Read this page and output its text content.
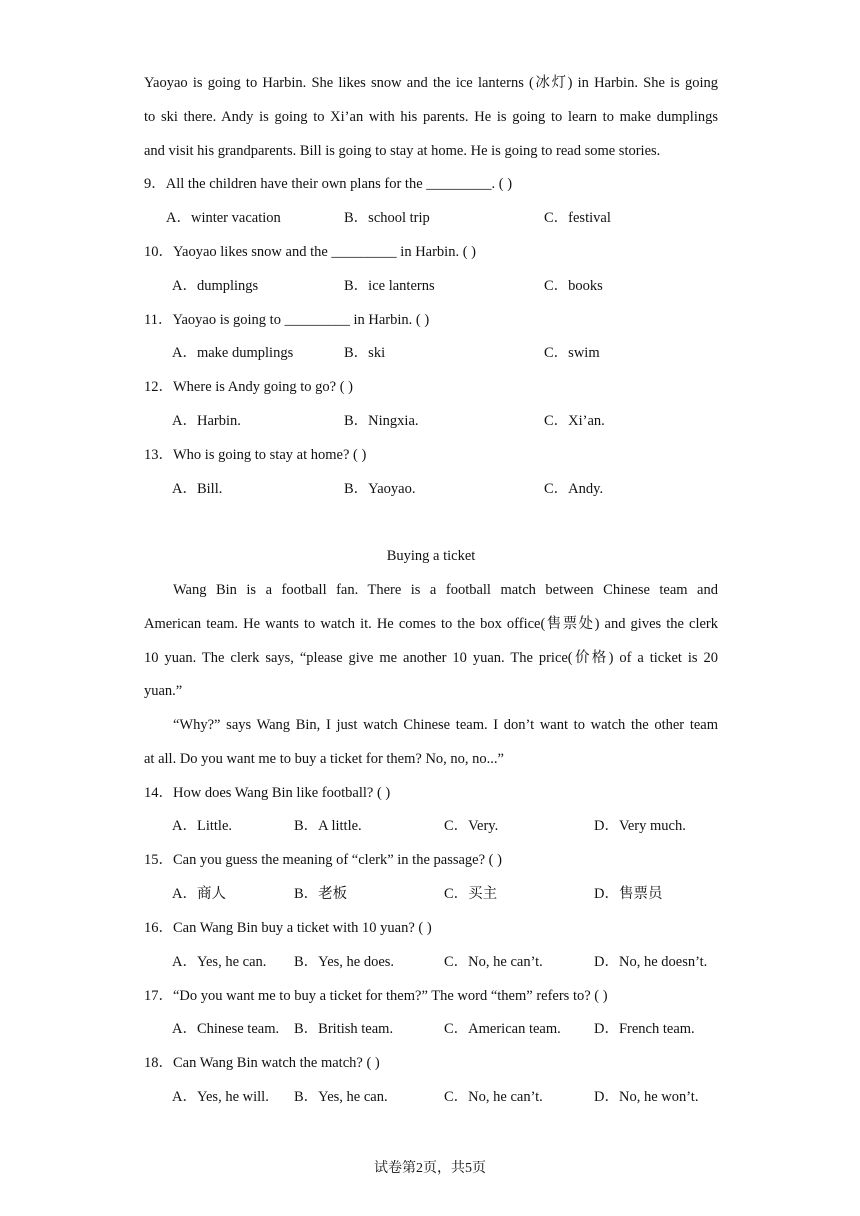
Yaoyao is going to Harbin. She likes snow and the ice lanterns (冰灯) in Harbin. She is going
to ski there. Andy is going to Xi’an with his parents. He is going to learn to make dumplings
and visit his grandparents. Bill is going to stay at home. He is going to read some stories.
9．All the children have their own plans for the _________. ( )
A．winter vacation	B．school trip	C．festival
10．Yaoyao likes snow and the _________ in Harbin. ( )
A．dumplings	B．ice lanterns	C．books
11．Yaoyao is going to _________ in Harbin. ( )
A．make dumplings	B．ski	C．swim
12．Where is Andy going to go? ( )
A．Harbin.	B．Ningxia.	C．Xi’an.
13．Who is going to stay at home? ( )
A．Bill.	B．Yaoyao.	C．Andy.
Buying a ticket
Wang Bin is a football fan. There is a football match between Chinese team and
American team. He wants to watch it. He comes to the box office(售票处) and gives the clerk
10 yuan. The clerk says, “please give me another 10 yuan. The price(价格) of a ticket is 20
yuan.”
“Why?” says Wang Bin, I just watch Chinese team. I don’t want to watch the other team
at all. Do you want me to buy a ticket for them? No, no, no...”
14．How does Wang Bin like football? ( )
A．Little.	B．A little.	C．Very.	D．Very much.
15．Can you guess the meaning of “clerk” in the passage? ( )
A．商人	B．老板	C．买主	D．售票员
16．Can Wang Bin buy a ticket with 10 yuan? ( )
A．Yes, he can. B．Yes, he does.	C．No, he can’t.	D．No, he doesn’t.
17．“Do you want me to buy a ticket for them?” The word “them” refers to? ( )
A．Chinese team. B．British team.	C．American team. D．French team.
18．Can Wang Bin watch the match? ( )
A．Yes, he will. B．Yes, he can.	C．No, he can’t.	D．No, he won’t.
试卷第2页，共5页
